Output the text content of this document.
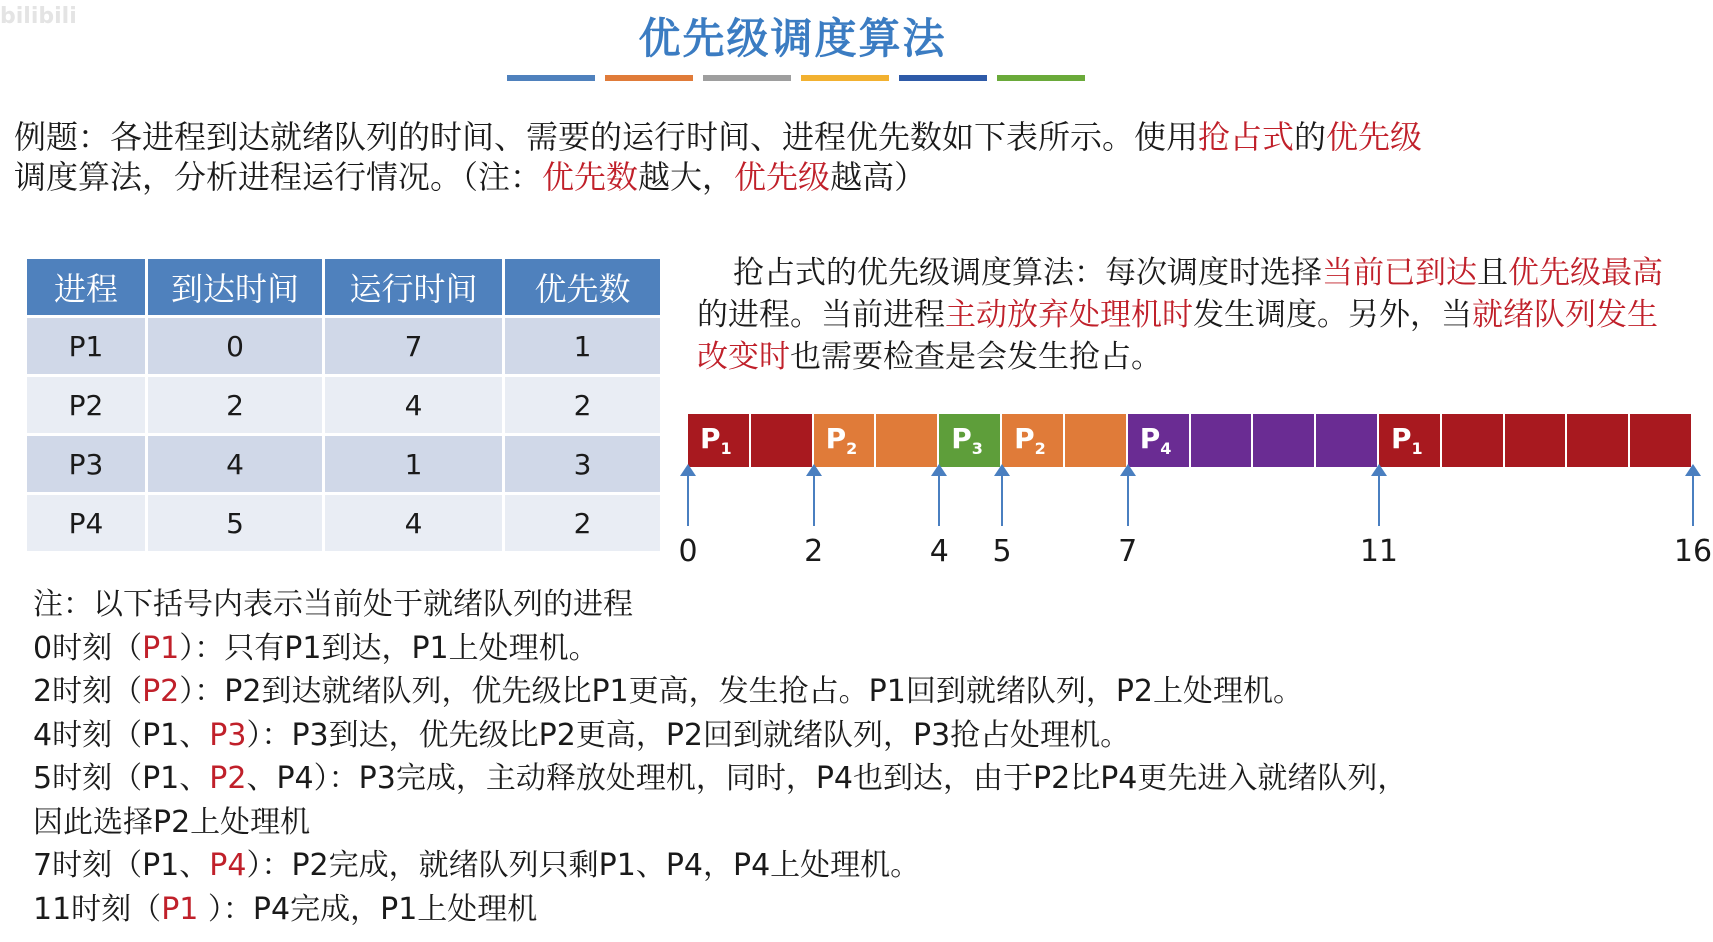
bilibili	优先级调度算法
例题：各进程到达就绪队列的时间、需要的运行时间、进程优先数如下表所示。使用抢占式的优先级
调度算法，分析进程运行情况。（注：优先数越大，优先级越高）
进程	到达时间	运行时间	优先数
P1	0	7	1
P2	2	4	2
P3	4	1	3
P4	5	4	2
抢占式的优先级调度算法：每次调度时选择当前已到达且优先级最高的进程。当前进程主动放弃处理机时发生调度。另外，当就绪队列发生改变时也需要检查是会发生抢占。
$P_1$	$P_2$	$P_3$ $P_2$	$P_4$	$P_1$
0	2	4 5	7	11	16
注：以下括号内表示当前处于就绪队列的进程
0时刻（P1）：只有P1到达，P1上处理机。
2时刻（P2）：P2到达就绪队列，优先级比P1更高，发生抢占。P1回到就绪队列，P2上处理机。
4时刻（P1、P3）：P3到达，优先级比P2更高，P2回到就绪队列，P3抢占处理机。
5时刻（P1、P2、P4）：P3完成，主动释放处理机，同时，P4也到达，由于P2比P4更先进入就绪队列，
因此选择P2上处理机
7时刻（P1、P4）：P2完成，就绪队列只剩P1、P4，P4上处理机。
11时刻（P1 ）：P4完成，P1上处理机
